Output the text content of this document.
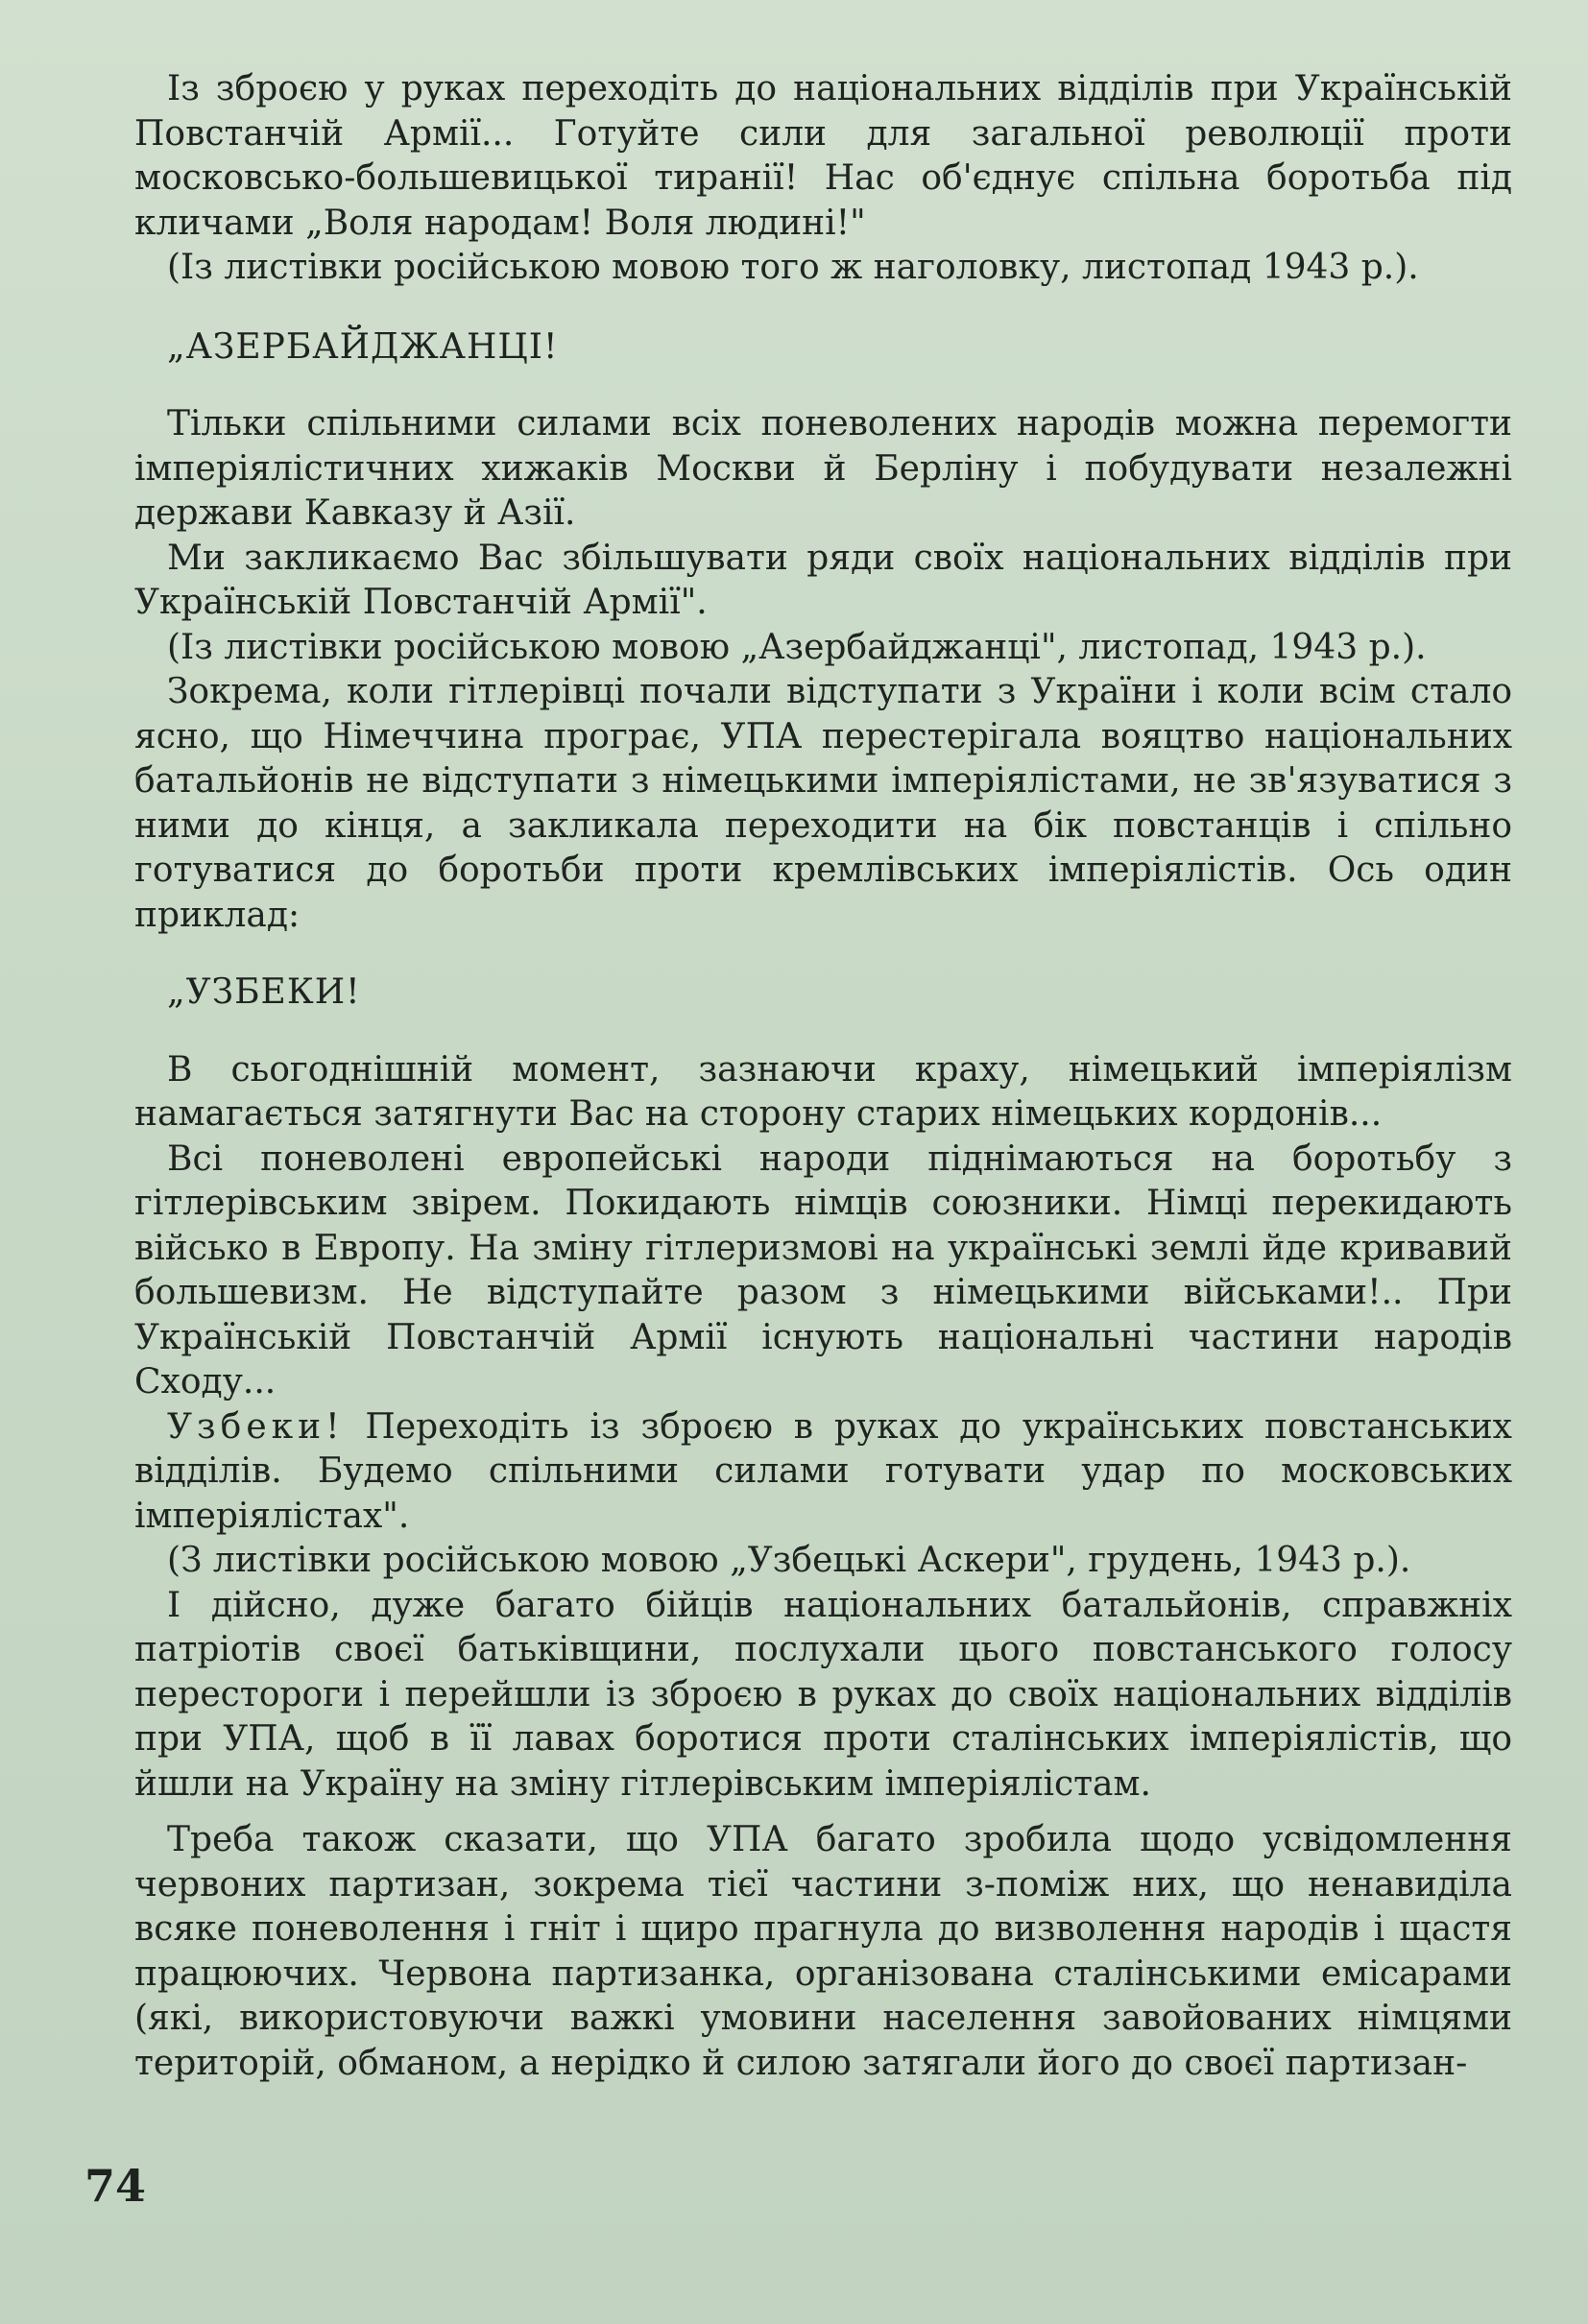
Із зброєю у руках переходіть до національних відділів при Українській Повстанчій Армії... Готуйте сили для загальної революції проти московсько-большевицької тиранії! Нас об'єднує спільна боротьба під кличами „Воля народам! Воля людині!"

(Із листівки російською мовою того ж наголовку, листопад 1943 р.).

„АЗЕРБАЙДЖАНЦІ!

Тільки спільними силами всіх поневолених народів можна перемогти імперіялістичних хижаків Москви й Берліну і побудувати незалежні держави Кавказу й Азії.

Ми закликаємо Вас збільшувати ряди своїх національних відділів при Українській Повстанчій Армії".

(Із листівки російською мовою „Азербайджанці", листопад, 1943 р.).

Зокрема, коли гітлерівці почали відступати з України і коли всім стало ясно, що Німеччина програє, УПА перестерігала вояцтво національних батальйонів не відступати з німецькими імперіялістами, не зв'язуватися з ними до кінця, а закликала переходити на бік повстанців і спільно готуватися до боротьби проти кремлівських імперіялістів. Ось один приклад:

„УЗБЕКИ!

В сьогоднішній момент, зазнаючи краху, німецький імперіялізм намагається затягнути Вас на сторону старих німецьких кордонів...

Всі поневолені европейські народи піднімаються на боротьбу з гітлерівським звірем. Покидають німців союзники. Німці перекидають військо в Европу. На зміну гітлеризмові на українські землі йде кривавий большевизм. Не відступайте разом з німецькими військами!.. При Українській Повстанчій Армії існують національні частини народів Сходу...

Узбеки! Переходіть із зброєю в руках до українських повстанських відділів. Будемо спільними силами готувати удар по московських імперіялістах".

(З листівки російською мовою „Узбецькі Аскери", грудень, 1943 р.).

І дійсно, дуже багато бійців національних батальйонів, справжніх патріотів своєї батьківщини, послухали цього повстанського голосу перестороги і перейшли із зброєю в руках до своїх національних відділів при УПА, щоб в її лавах боротися проти сталінських імперіялістів, що йшли на Україну на зміну гітлерівським імперіялістам.

Треба також сказати, що УПА багато зробила щодо усвідомлення червоних партизан, зокрема тієї частини з-поміж них, що ненавиділа всяке поневолення і гніт і щиро прагнула до визволення народів і щастя працюючих. Червона партизанка, організована сталінськими емісарами (які, використовуючи важкі умовини населення завойованих німцями територій, обманом, а нерідко й силою затягали його до своєї партизан-

74
